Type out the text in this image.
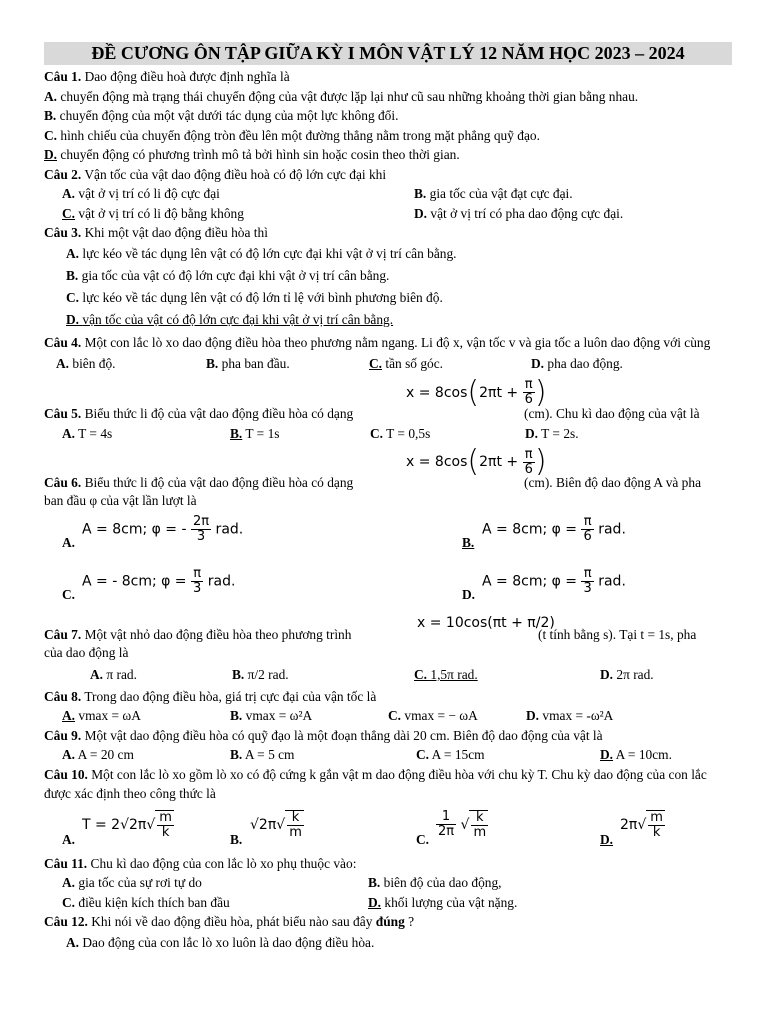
ĐỀ CƯƠNG ÔN TẬP GIỮA KỲ I MÔN VẬT LÝ 12 NĂM HỌC 2023 – 2024
Câu 1. Dao động điều hoà được định nghĩa là
A. chuyển động mà trạng thái chuyển động của vật được lặp lại như cũ sau những khoảng thời gian bằng nhau.
B. chuyển động của một vật dưới tác dụng của một lực không đổi.
C. hình chiếu của chuyển động tròn đều lên một đường thẳng nằm trong mặt phẳng quỹ đạo.
D. chuyển động có phương trình mô tả bởi hình sin hoặc cosin theo thời gian.
Câu 2. Vận tốc của vật dao động điều hoà có độ lớn cực đại khi
A. vật ở vị trí có li độ cực đại	B. gia tốc của vật đạt cực đại.
C. vật ở vị trí có li độ bằng không	D. vật ở vị trí có pha dao động cực đại.
Câu 3. Khi một vật dao động điều hòa thì
A. lực kéo về tác dụng lên vật có độ lớn cực đại khi vật ở vị trí cân bằng.
B. gia tốc của vật có độ lớn cực đại khi vật ở vị trí cân bằng.
C. lực kéo về tác dụng lên vật có độ lớn tỉ lệ với bình phương biên độ.
D. vận tốc của vật có độ lớn cực đại khi vật ở vị trí cân bằng.
Câu 4. Một con lắc lò xo dao động điều hòa theo phương nằm ngang. Li độ x, vận tốc v và gia tốc a luôn dao động với cùng
A. biên độ.	B. pha ban đầu.	C. tần số góc.	D. pha dao động.
$x = 8\cos(2\pi t + \frac{\pi}{6}$ )
Câu 5. Biểu thức li độ của vật dao động điều hòa có dạng	(cm). Chu kì dao động của vật là
A. T = 4s	B. T = 1s	C. T = 0,5s	D. T = 2s.
$x = 8\cos(2\pi t + \frac{\pi}{6}$ )
Câu 6. Biểu thức li độ của vật dao động điều hòa có dạng	(cm). Biên độ dao động A và pha
ban đầu φ của vật lần lượt là
A = 8cm; φ = - $\frac{2\pi}{3}$ rad.
A.
A = 8cm; $\varphi = \frac{\pi}{6}$ rad.
B.
A = - 8cm; $\varphi = \frac{\pi}{3}$ rad.
C.
A = 8cm; $\varphi = \frac{\pi}{3}$ rad.
D.
Câu 7. Một vật nhỏ dao động điều hòa theo phương trình
x = 10cos(πt + π/2)
(t tính bằng s). Tại t = 1s, pha
của dao động là
A. π rad.	B. π/2 rad.	C. 1,5π rad.	D. 2π rad.
Câu 8. Trong dao động điều hòa, giá trị cực đại của vận tốc là
A. vmax = ωA	B. vmax = ω²A	C. vmax = − ωA	D. vmax = -ω²A
Câu 9. Một vật dao động điều hòa có quỹ đạo là một đoạn thẳng dài 20 cm. Biên độ dao động của vật là
A. A = 20 cm	B. A = 5 cm	C. A = 15cm	D. A = 10cm.
Câu 10. Một con lắc lò xo gồm lò xo có độ cứng k gắn vật m dao động điều hòa với chu kỳ T. Chu kỳ dao động của con lắc được xác định theo công thức là
A.
$T = 2√2\pi√ \frac{m}{k}$	B.
$√2\pi√ \frac{k}{m}$	C. $\frac{1}{2\pi}$ √ $\frac{k}{m}$	D.
$2\pi√ \frac{m}{k}$
Câu 11. Chu kì dao động của con lắc lò xo phụ thuộc vào:
A. gia tốc của sự rơi tự do	B. biên độ của dao động,
C. điều kiện kích thích ban đầu	D. khối lượng của vật nặng.
Câu 12. Khi nói về dao động điều hòa, phát biểu nào sau đây đúng ?
A. Dao động của con lắc lò xo luôn là dao động điều hòa.
